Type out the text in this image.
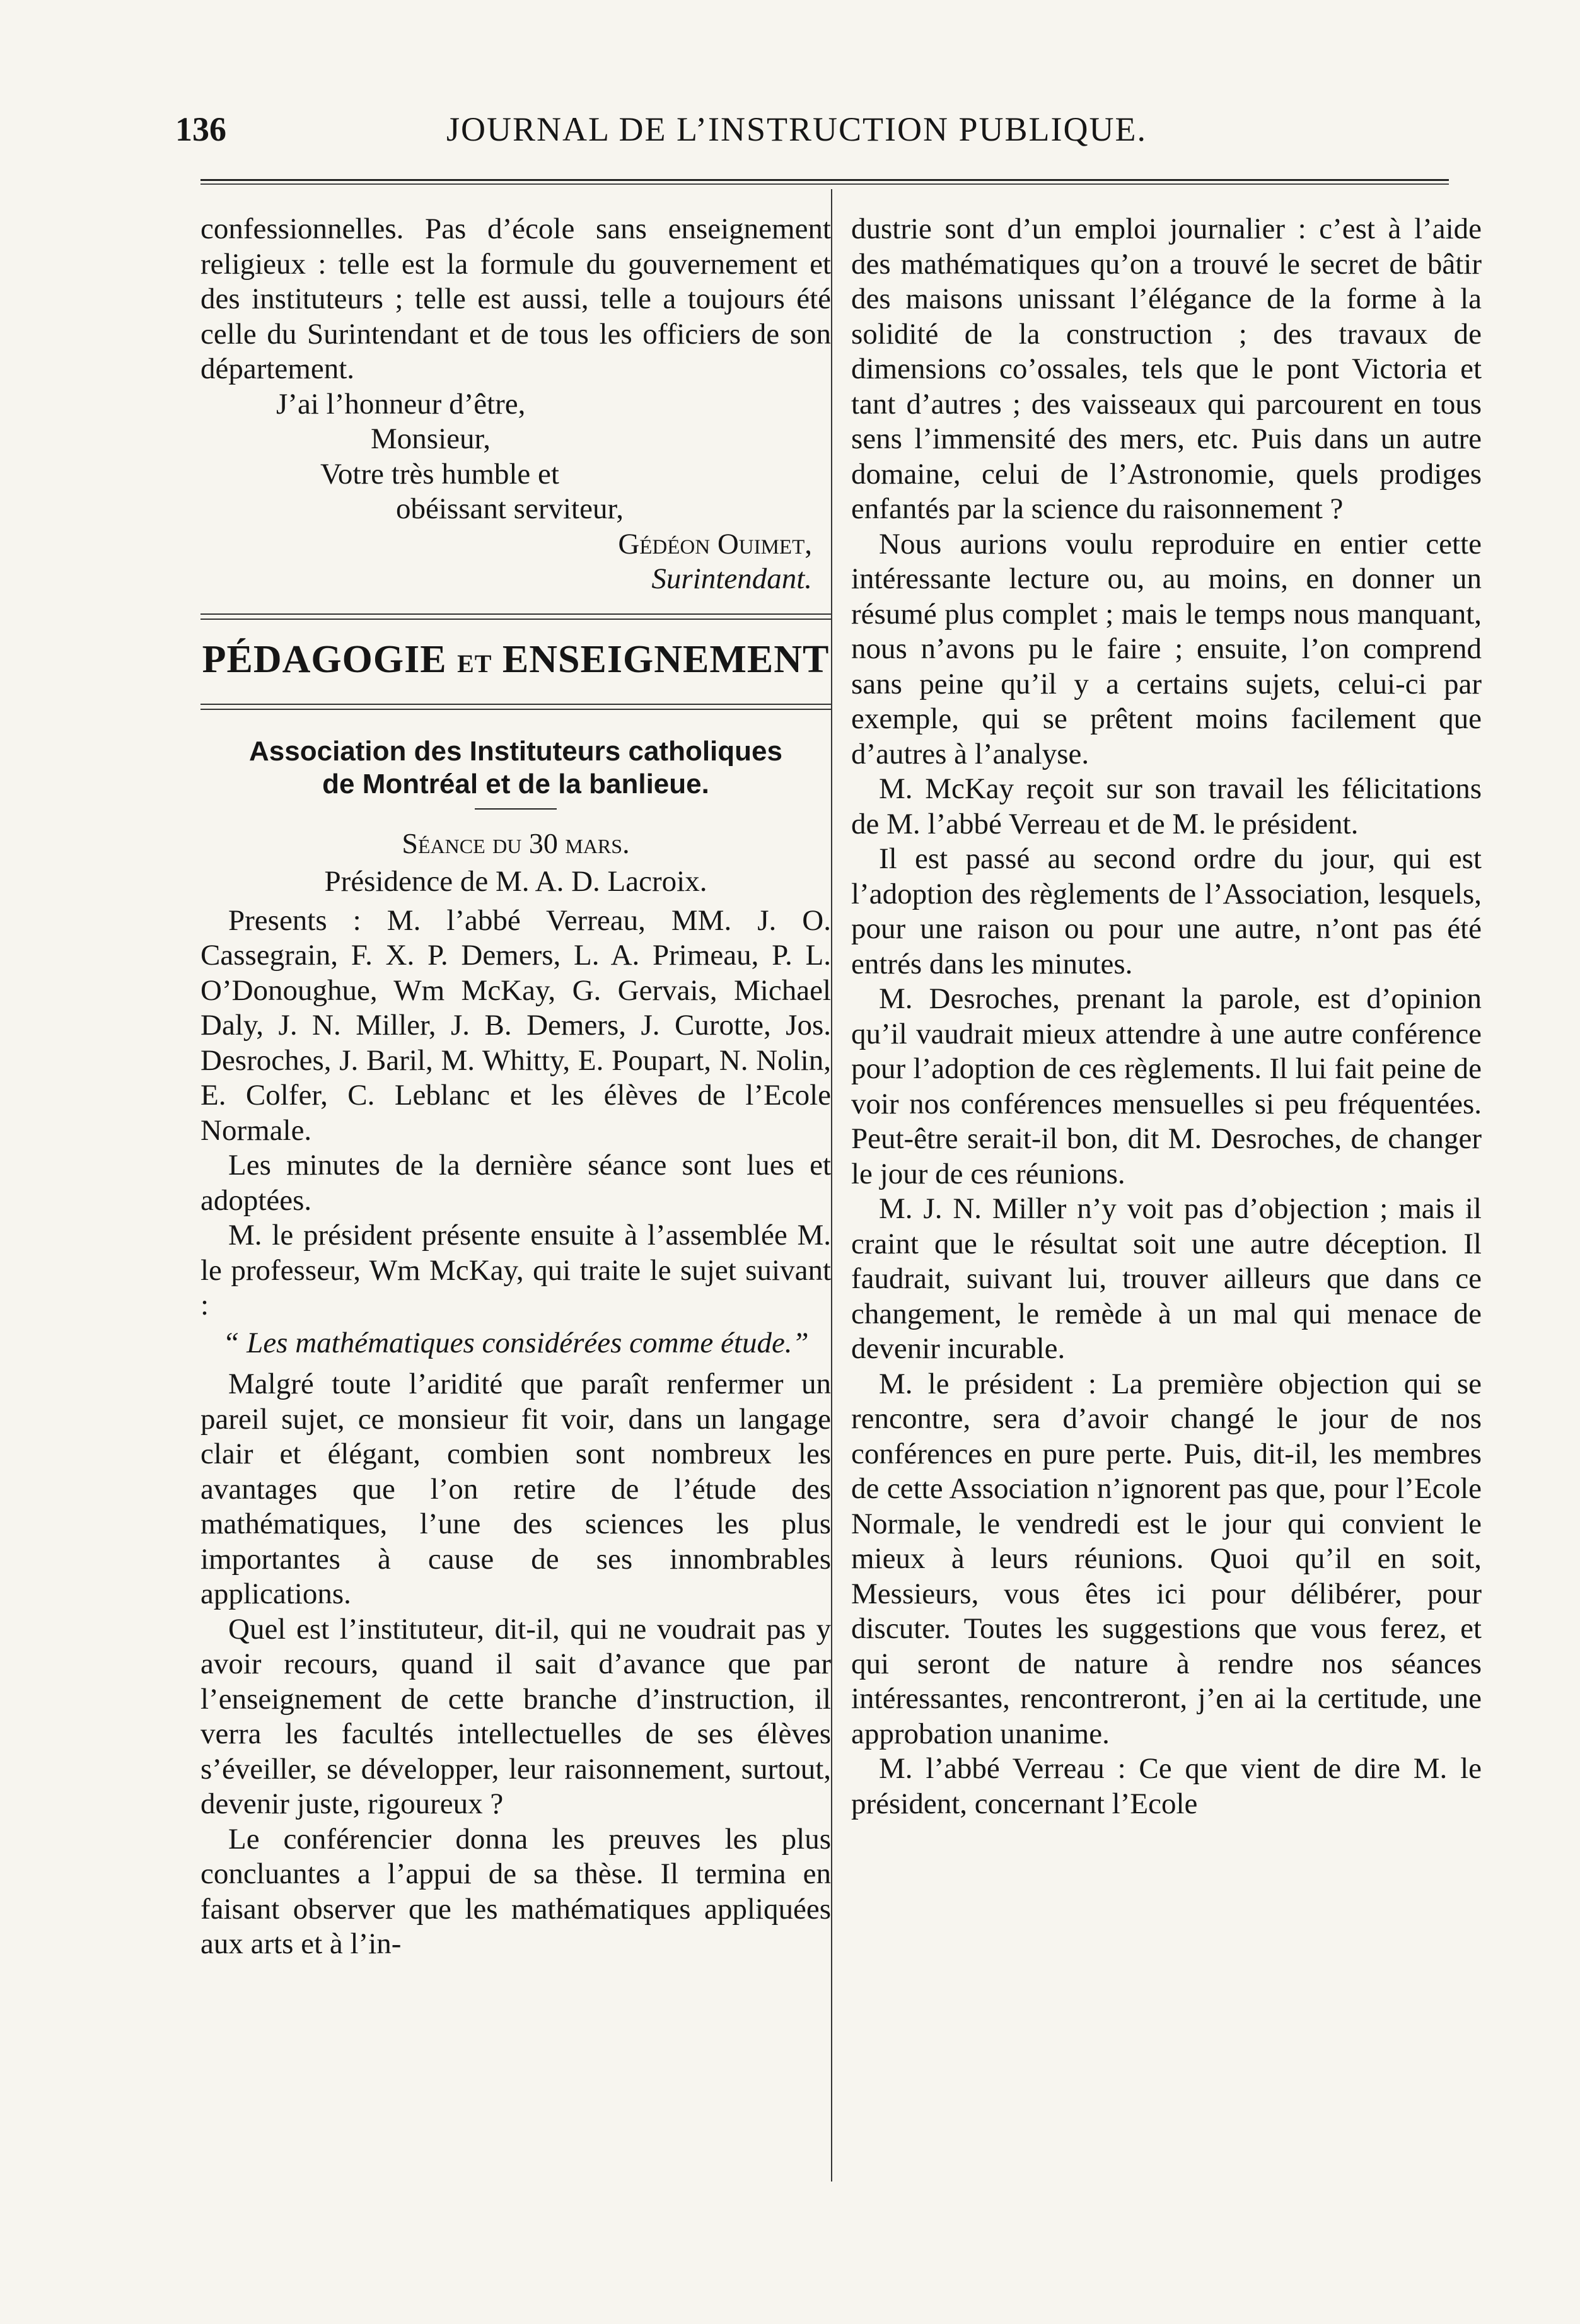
136	JOURNAL DE L’INSTRUCTION PUBLIQUE.

confessionnelles. Pas d’école sans enseignement religieux : telle est la formule du gouvernement et des instituteurs ; telle est aussi, telle a toujours été celle du Surintendant et de tous les officiers de son département.

J’ai l’honneur d’être,
Monsieur,
Votre très humble et
obéissant serviteur,
Gédéon Ouimet,
Surintendant.
PÉDAGOGIE ET ENSEIGNEMENT
Association des Instituteurs catholiques
de Montréal et de la banlieue.
Séance du 30 mars.
Présidence de M. A. D. Lacroix.

Presents : M. l’abbé Verreau, MM. J. O. Cassegrain, F. X. P. Demers, L. A. Primeau, P. L. O’Donoughue, Wm McKay, G. Gervais, Michael Daly, J. N. Miller, J. B. Demers, J. Curotte, Jos. Desroches, J. Baril, M. Whitty, E. Poupart, N. Nolin, E. Colfer, C. Leblanc et les élèves de l’Ecole Normale.

Les minutes de la dernière séance sont lues et adoptées.

M. le président présente ensuite à l’assemblée M. le professeur, Wm McKay, qui traite le sujet suivant :

“ Les mathématiques considérées comme étude.”

Malgré toute l’aridité que paraît renfermer un pareil sujet, ce monsieur fit voir, dans un langage clair et élégant, combien sont nombreux les avantages que l’on retire de l’étude des mathématiques, l’une des sciences les plus importantes à cause de ses innombrables applications.

Quel est l’instituteur, dit-il, qui ne voudrait pas y avoir recours, quand il sait d’avance que par l’enseignement de cette branche d’instruction, il verra les facultés intellectuelles de ses élèves s’éveiller, se développer, leur raisonnement, surtout, devenir juste, rigoureux ?

Le conférencier donna les preuves les plus concluantes a l’appui de sa thèse. Il termina en faisant observer que les mathématiques appliquées aux arts et à l’in-

dustrie sont d’un emploi journalier : c’est à l’aide des mathématiques qu’on a trouvé le secret de bâtir des maisons unissant l’élégance de la forme à la solidité de la construction ; des travaux de dimensions co’ossales, tels que le pont Victoria et tant d’autres ; des vaisseaux qui parcourent en tous sens l’immensité des mers, etc. Puis dans un autre domaine, celui de l’Astronomie, quels prodiges enfantés par la science du raisonnement ?

Nous aurions voulu reproduire en entier cette intéressante lecture ou, au moins, en donner un résumé plus complet ; mais le temps nous manquant, nous n’avons pu le faire ; ensuite, l’on comprend sans peine qu’il y a certains sujets, celui-ci par exemple, qui se prêtent moins facilement que d’autres à l’analyse.

M. McKay reçoit sur son travail les félicitations de M. l’abbé Verreau et de M. le président.

Il est passé au second ordre du jour, qui est l’adoption des règlements de l’Association, lesquels, pour une raison ou pour une autre, n’ont pas été entrés dans les minutes.

M. Desroches, prenant la parole, est d’opinion qu’il vaudrait mieux attendre à une autre conférence pour l’adoption de ces règlements. Il lui fait peine de voir nos conférences mensuelles si peu fréquentées. Peut-être serait-il bon, dit M. Desroches, de changer le jour de ces réunions.

M. J. N. Miller n’y voit pas d’objection ; mais il craint que le résultat soit une autre déception. Il faudrait, suivant lui, trouver ailleurs que dans ce changement, le remède à un mal qui menace de devenir incurable.

M. le président : La première objection qui se rencontre, sera d’avoir changé le jour de nos conférences en pure perte. Puis, dit-il, les membres de cette Association n’ignorent pas que, pour l’Ecole Normale, le vendredi est le jour qui convient le mieux à leurs réunions. Quoi qu’il en soit, Messieurs, vous êtes ici pour délibérer, pour discuter. Toutes les suggestions que vous ferez, et qui seront de nature à rendre nos séances intéressantes, rencontreront, j’en ai la certitude, une approbation unanime.

M. l’abbé Verreau : Ce que vient de dire M. le président, concernant l’Ecole
